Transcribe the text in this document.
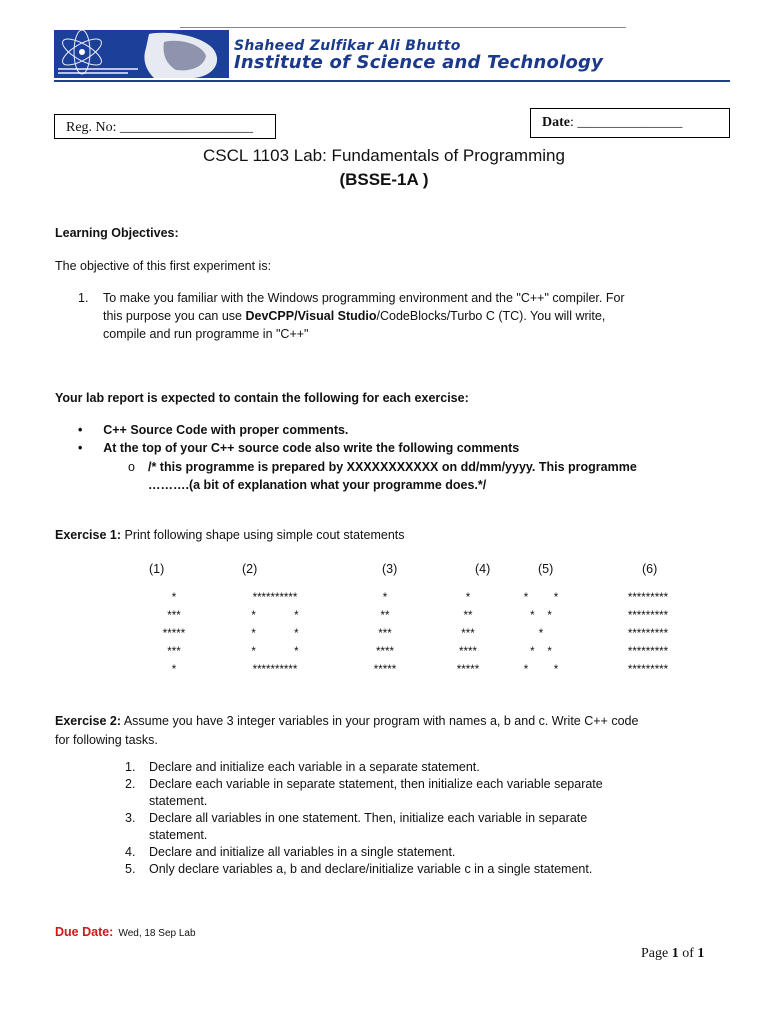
Shaheed Zulfikar Ali Bhutto
Institute of Science and Technology
Reg. No: ___________________	Date: _______________
CSCL 1103 Lab: Fundamentals of Programming
(BSSE-1A )
Learning Objectives:
The objective of this first experiment is:
1. To make you familiar with the Windows programming environment and the "C++" compiler. For
this purpose you can use DevCPP/Visual Studio/CodeBlocks/Turbo C (TC). You will write,
compile and run programme in "C++"
Your lab report is expected to contain the following for each exercise:
•      C++ Source Code with proper comments.
•      At the top of your C++ source code also write the following comments
o /* this programme is prepared by XXXXXXXXXXX on dd/mm/yyyy. This programme
……….(a bit of explanation what your programme does.*/
Exercise 1: Print following shape using simple cout statements
(1)	(2)	(3)	(4)	(5)	(6)
*	**********	*	*	*        *	*********
***	*            *	**	**	*    *	*********
*****	*            *	***	***	*	*********
***	*            *	****	****	*    *	*********
*	**********	*****	*****	*        *	*********
Exercise 2: Assume you have 3 integer variables in your program with names a, b and c. Write C++ code
for following tasks.
1. Declare and initialize each variable in a separate statement.
2. Declare each variable in separate statement, then initialize each variable separate
statement.
3. Declare all variables in one statement. Then, initialize each variable in separate
statement.
4. Declare and initialize all variables in a single statement.
5. Only declare variables a, b and declare/initialize variable c in a single statement.
Due Date: Wed, 18 Sep Lab
Page 1 of 1
